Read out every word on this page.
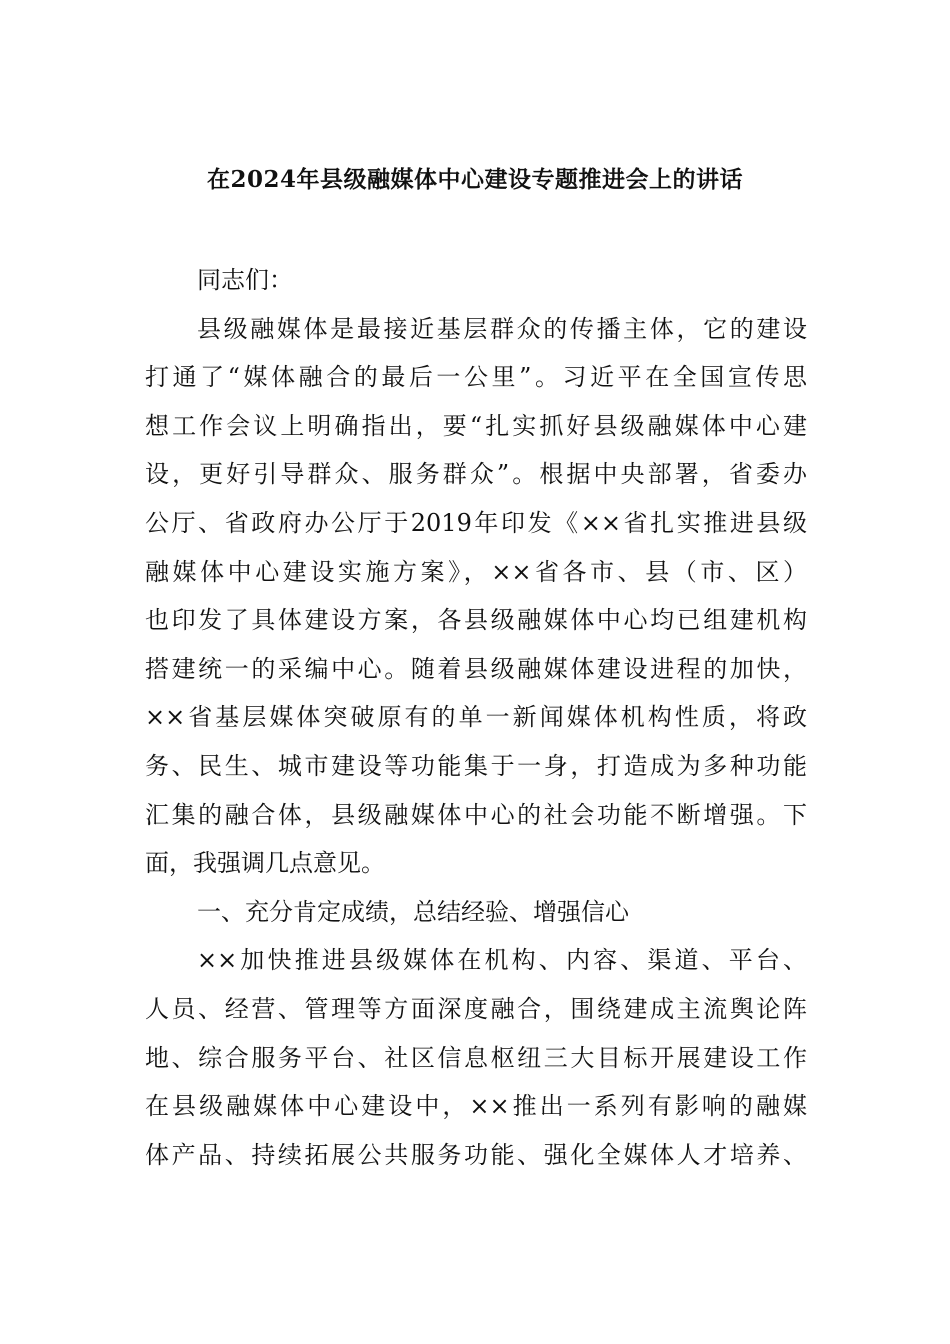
在2024年县级融媒体中心建设专题推进会上的讲话
同志们：
县级融媒体是最接近基层群众的传播主体，它的建设
打通了“媒体融合的最后一公里”。习近平在全国宣传思
想工作会议上明确指出，要“扎实抓好县级融媒体中心建
设，更好引导群众、服务群众”。根据中央部署，省委办
公厅、省政府办公厅于2019年印发《××省扎实推进县级
融媒体中心建设实施方案》，××省各市、县（市、区）
也印发了具体建设方案，各县级融媒体中心均已组建机构
搭建统一的采编中心。随着县级融媒体建设进程的加快，
××省基层媒体突破原有的单一新闻媒体机构性质，将政
务、民生、城市建设等功能集于一身，打造成为多种功能
汇集的融合体，县级融媒体中心的社会功能不断增强。下
面，我强调几点意见。
一、充分肯定成绩，总结经验、增强信心
××加快推进县级媒体在机构、内容、渠道、平台、
人员、经营、管理等方面深度融合，围绕建成主流舆论阵
地、综合服务平台、社区信息枢纽三大目标开展建设工作
在县级融媒体中心建设中，××推出一系列有影响的融媒
体产品、持续拓展公共服务功能、强化全媒体人才培养、
